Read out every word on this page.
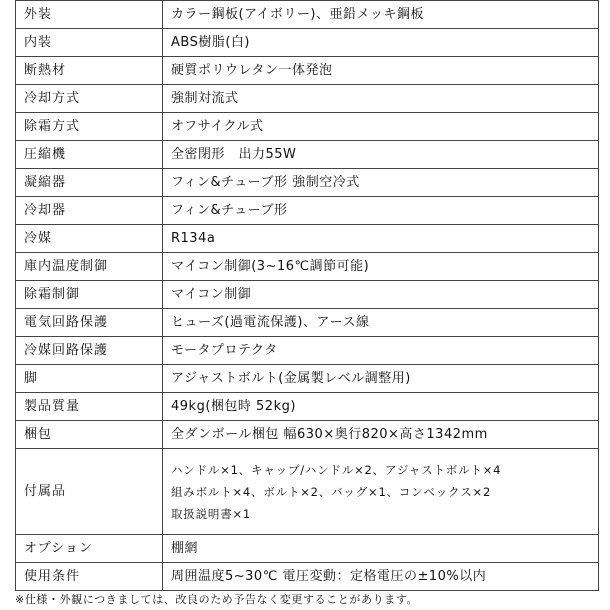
外装	カラー鋼板(アイボリー)、亜鉛メッキ鋼板
内装	ABS樹脂(白)
断熱材	硬質ポリウレタン一体発泡
冷却方式	強制対流式
除霜方式	オフサイクル式
圧縮機	全密閉形　出力55W
凝縮器	フィン&チューブ形 強制空冷式
冷却器	フィン&チューブ形
冷媒	R134a
庫内温度制御	マイコン制御(3~16℃調節可能)
除霜制御	マイコン制御
電気回路保護	ヒューズ(過電流保護)、アース線
冷媒回路保護	モータプロテクタ
脚	アジャストボルト(金属製レベル調整用)
製品質量	49kg(梱包時 52kg)
梱包	全ダンボール梱包 幅630×奥行820×高さ1342mm
付属品	ハンドル×1、キャップ/ハンドル×2、アジャストボルト×4
組みボルト×4、ボルト×2、バッグ×1、コンベックス×2
取扱説明書×1

オプション	棚網
使用条件	周囲温度5~30℃ 電圧変動：定格電圧の±10%以内
※仕様・外観につきましては、改良のため予告なく変更することがあります。
